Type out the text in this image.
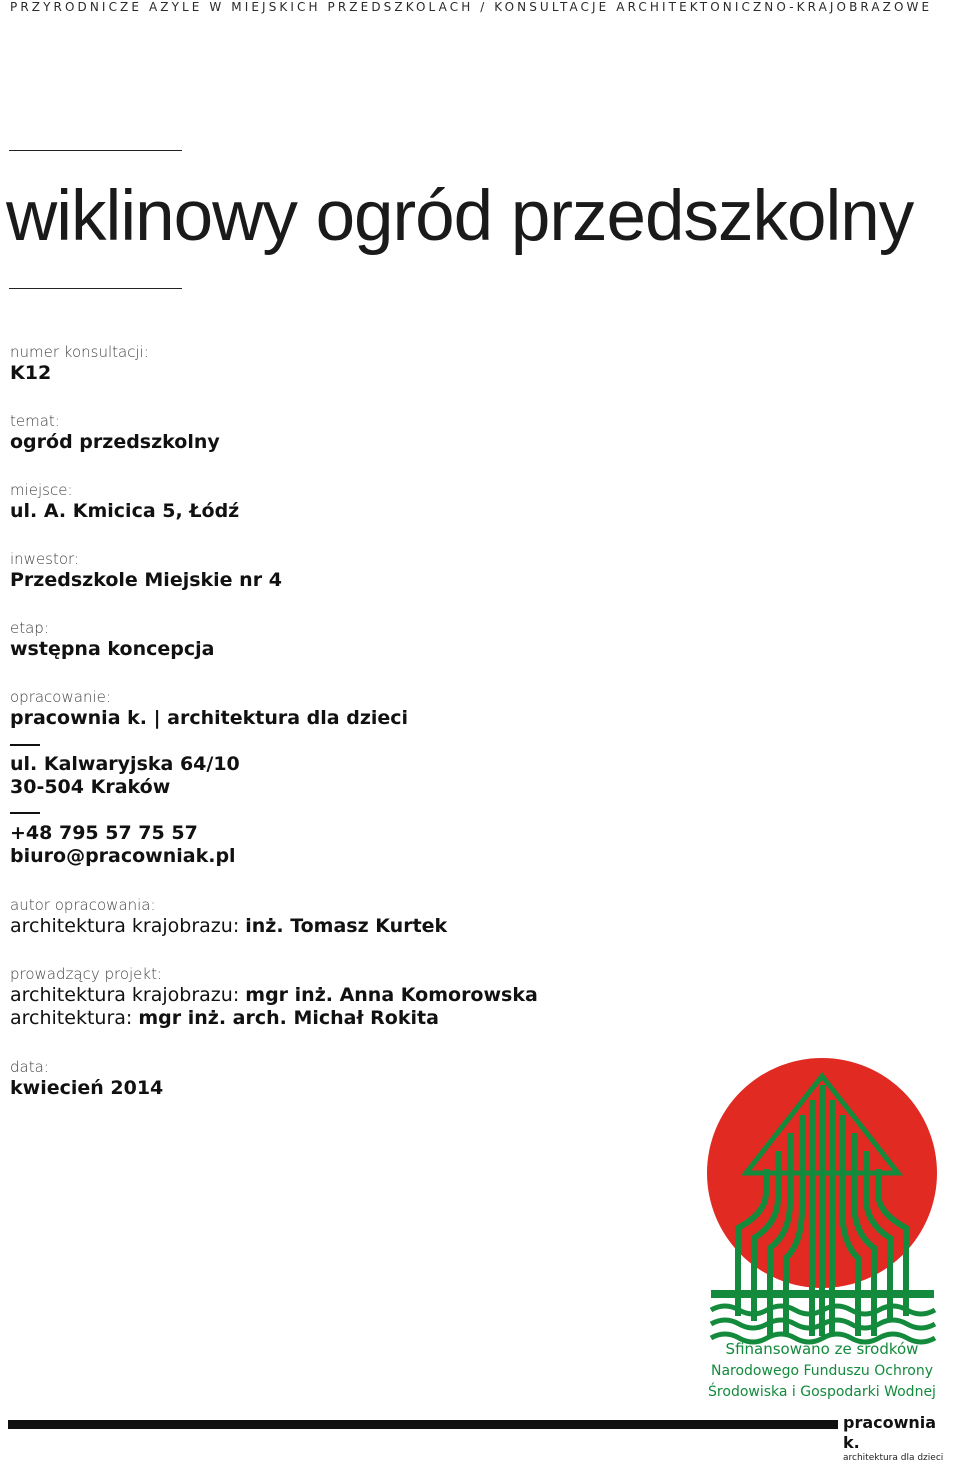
PRZYRODNICZE AZYLE W MIEJSKICH PRZEDSZKOLACH / KONSULTACJE ARCHITEKTONICZNO-KRAJOBRAZOWE
wiklinowy ogród przedszkolny
numer konsultacji:
K12
temat:
ogród przedszkolny
miejsce:
ul. A. Kmicica 5, Łódź
inwestor:
Przedszkole Miejskie nr 4
etap:
wstępna koncepcja
opracowanie:
pracownia k. | architektura dla dzieci
ul. Kalwaryjska 64/10
30-504 Kraków
+48 795 57 75 57
biuro@pracowniak.pl
autor opracowania:
architektura krajobrazu: inż. Tomasz Kurtek
prowadzący projekt:
architektura krajobrazu: mgr inż. Anna Komorowska
architektura: mgr inż. arch. Michał Rokita
data:
kwiecień 2014
Sfinansowano ze środków
Narodowego Funduszu Ochrony
Środowiska i Gospodarki Wodnej
pracownia k.
architektura dla dzieci
